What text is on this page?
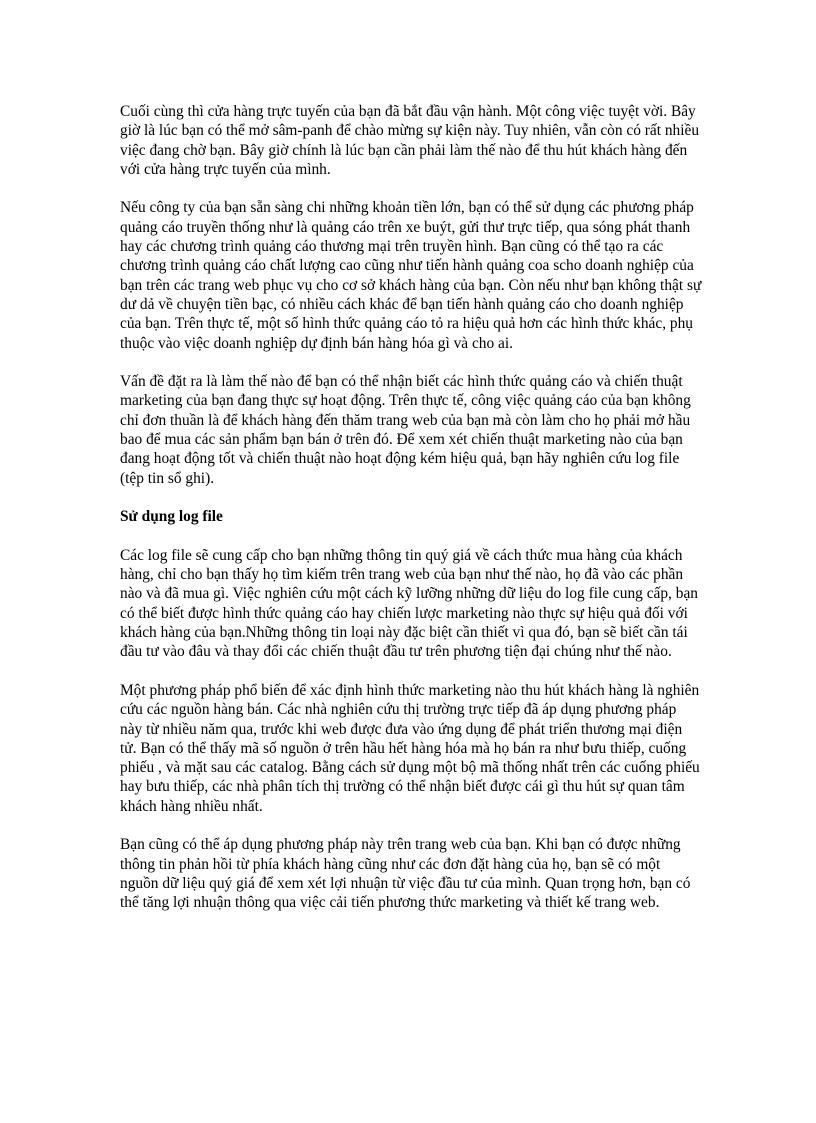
Cuối cùng thì cửa hàng trực tuyến của bạn đã bắt đầu vận hành. Một công việc tuyệt vời. Bây giờ là lúc bạn có thể mở sâm-panh để chào mừng sự kiện này. Tuy nhiên, vẫn còn có rất nhiều việc đang chờ bạn. Bây giờ chính là lúc bạn cần phải làm thế nào để thu hút khách hàng đến với cửa hàng trực tuyến của mình.

Nếu công ty của bạn sẵn sàng chi những khoản tiền lớn, bạn có thể sử dụng các phương pháp quảng cáo truyền thống như là quảng cáo trên xe buýt, gửi thư trực tiếp, qua sóng phát thanh hay các chương trình quảng cáo thương mại trên truyền hình. Bạn cũng có thể tạo ra các chương trình quảng cáo chất lượng cao cũng như tiến hành quảng coa scho doanh nghiệp của bạn trên các trang web phục vụ cho cơ sở khách hàng của bạn. Còn nếu như bạn không thật sự dư dả về chuyện tiền bạc, có nhiều cách khác để bạn tiến hành quảng cáo cho doanh nghiệp của bạn. Trên thực tế, một số hình thức quảng cáo tỏ ra hiệu quả hơn các hình thức khác, phụ thuộc vào việc doanh nghiệp dự định bán hàng hóa gì và cho ai.

Vấn đề đặt ra là làm thế nào để bạn có thể nhận biết các hình thức quảng cáo và chiến thuật marketing của bạn đang thực sự hoạt động. Trên thực tế, công việc quảng cáo của bạn không chỉ đơn thuần là để khách hàng đến thăm trang web của bạn mà còn làm cho họ phải mở hầu bao để mua các sản phẩm bạn bán ở trên đó. Để xem xét chiến thuật marketing nào của bạn đang hoạt động tốt và chiến thuật nào hoạt động kém hiệu quả, bạn hãy nghiên cứu log file (tệp tin sổ ghi).

Sử dụng log file

Các log file sẽ cung cấp cho bạn những thông tin quý giá về cách thức mua hàng của khách hàng, chỉ cho bạn thấy họ tìm kiếm trên trang web của bạn như thế nào, họ đã vào các phần nào và đã mua gì. Việc nghiên cứu một cách kỹ lưỡng những dữ liệu do log file cung cấp, bạn có thể biết được hình thức quảng cáo hay chiến lược marketing nào thực sự hiệu quả đối với khách hàng của bạn.Những thông tin loại này đặc biệt cần thiết vì qua đó, bạn sẽ biết cần tái đầu tư vào đâu và thay đổi các chiến thuật đầu tư trên phương tiện đại chúng như thế nào.

Một phương pháp phổ biến để xác định hình thức marketing nào thu hút khách hàng là nghiên cứu các nguồn hàng bán. Các nhà nghiên cứu thị trường trực tiếp đã áp dụng phương pháp này từ nhiều năm qua, trước khi web được đưa vào ứng dụng để phát triển thương mại điện tử. Bạn có thể thấy mã số nguồn ở trên hầu hết hàng hóa mà họ bán ra như bưu thiếp, cuống phiếu , và mặt sau các catalog. Bằng cách sử dụng một bộ mã thống nhất trên các cuống phiếu hay bưu thiếp, các nhà phân tích thị trường có thể nhận biết được cái gì thu hút sự quan tâm khách hàng nhiều nhất.

Bạn cũng có thể áp dụng phương pháp này trên trang web của bạn. Khi bạn có được những thông tin phản hồi từ phía khách hàng cũng như các đơn đặt hàng của họ, bạn sẽ có một nguồn dữ liệu quý giá để xem xét lợi nhuận từ việc đầu tư của mình. Quan trọng hơn, bạn có thể tăng lợi nhuận thông qua việc cải tiến phương thức marketing và thiết kế trang web.
